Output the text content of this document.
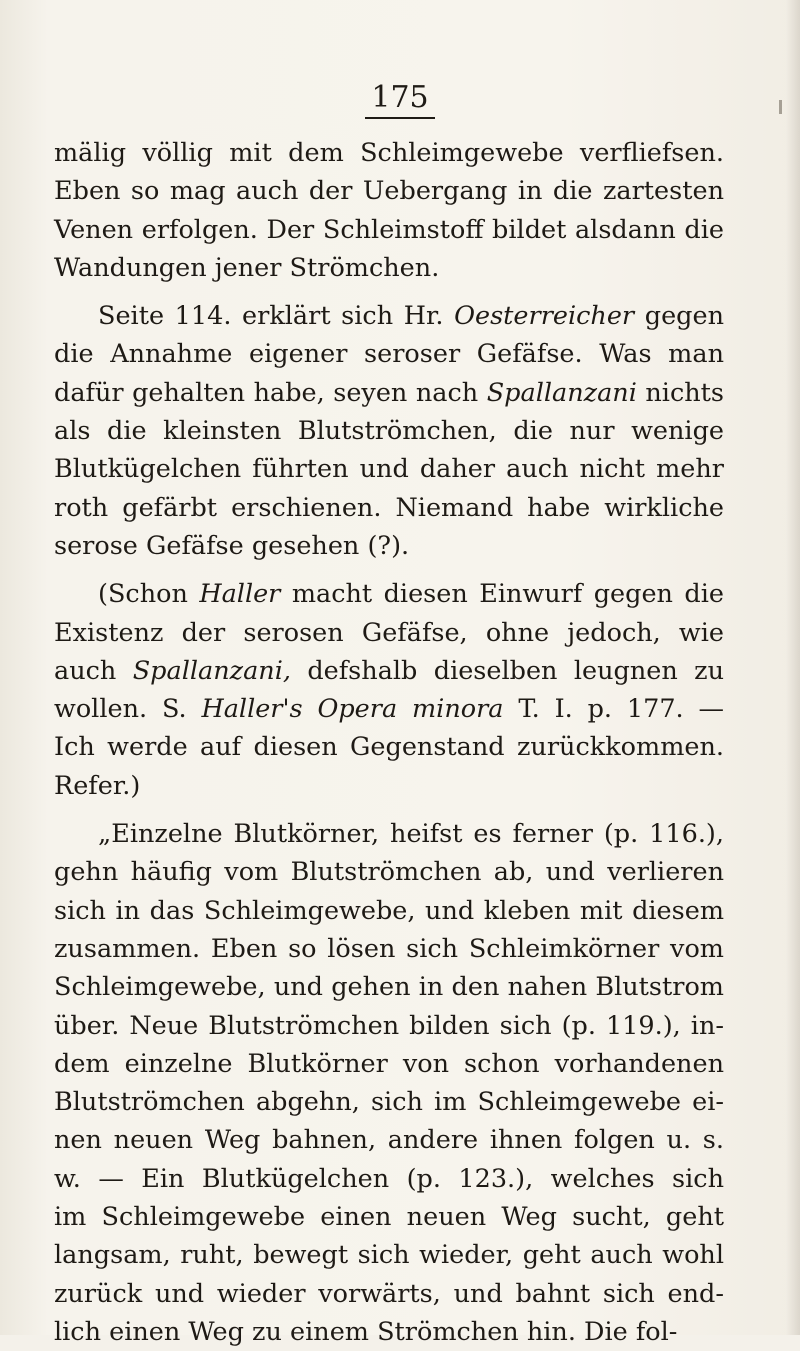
175
mälig völlig mit dem Schleimgewebe verfliefsen.
Eben so mag auch der Uebergang in die zartesten
Venen erfolgen. Der Schleimstoff bildet alsdann die
Wandungen jener Strömchen.
Seite 114. erklärt sich Hr. Oesterreicher gegen
die Annahme eigener seroser Gefäfse. Was man
dafür gehalten habe, seyen nach Spallanzani nichts
als die kleinsten Blutströmchen, die nur wenige
Blutkügelchen führten und daher auch nicht mehr
roth gefärbt erschienen. Niemand habe wirkliche
serose Gefäfse gesehen (?).
(Schon Haller macht diesen Einwurf gegen die
Existenz der serosen Gefäfse, ohne jedoch, wie
auch Spallanzani, defshalb dieselben leugnen zu
wollen. S. Haller's Opera minora T. I. p. 177. —
Ich werde auf diesen Gegenstand zurückkommen.
Refer.)
„Einzelne Blutkörner, heifst es ferner (p. 116.),
gehn häufig vom Blutströmchen ab, und verlieren
sich in das Schleimgewebe, und kleben mit diesem
zusammen. Eben so lösen sich Schleimkörner vom
Schleimgewebe, und gehen in den nahen Blutstrom
über. Neue Blutströmchen bilden sich (p. 119.), in-
dem einzelne Blutkörner von schon vorhandenen
Blutströmchen abgehn, sich im Schleimgewebe ei-
nen neuen Weg bahnen, andere ihnen folgen u. s.
w. — Ein Blutkügelchen (p. 123.), welches sich
im Schleimgewebe einen neuen Weg sucht, geht
langsam, ruht, bewegt sich wieder, geht auch wohl
zurück und wieder vorwärts, und bahnt sich end-
lich einen Weg zu einem Strömchen hin. Die fol-
